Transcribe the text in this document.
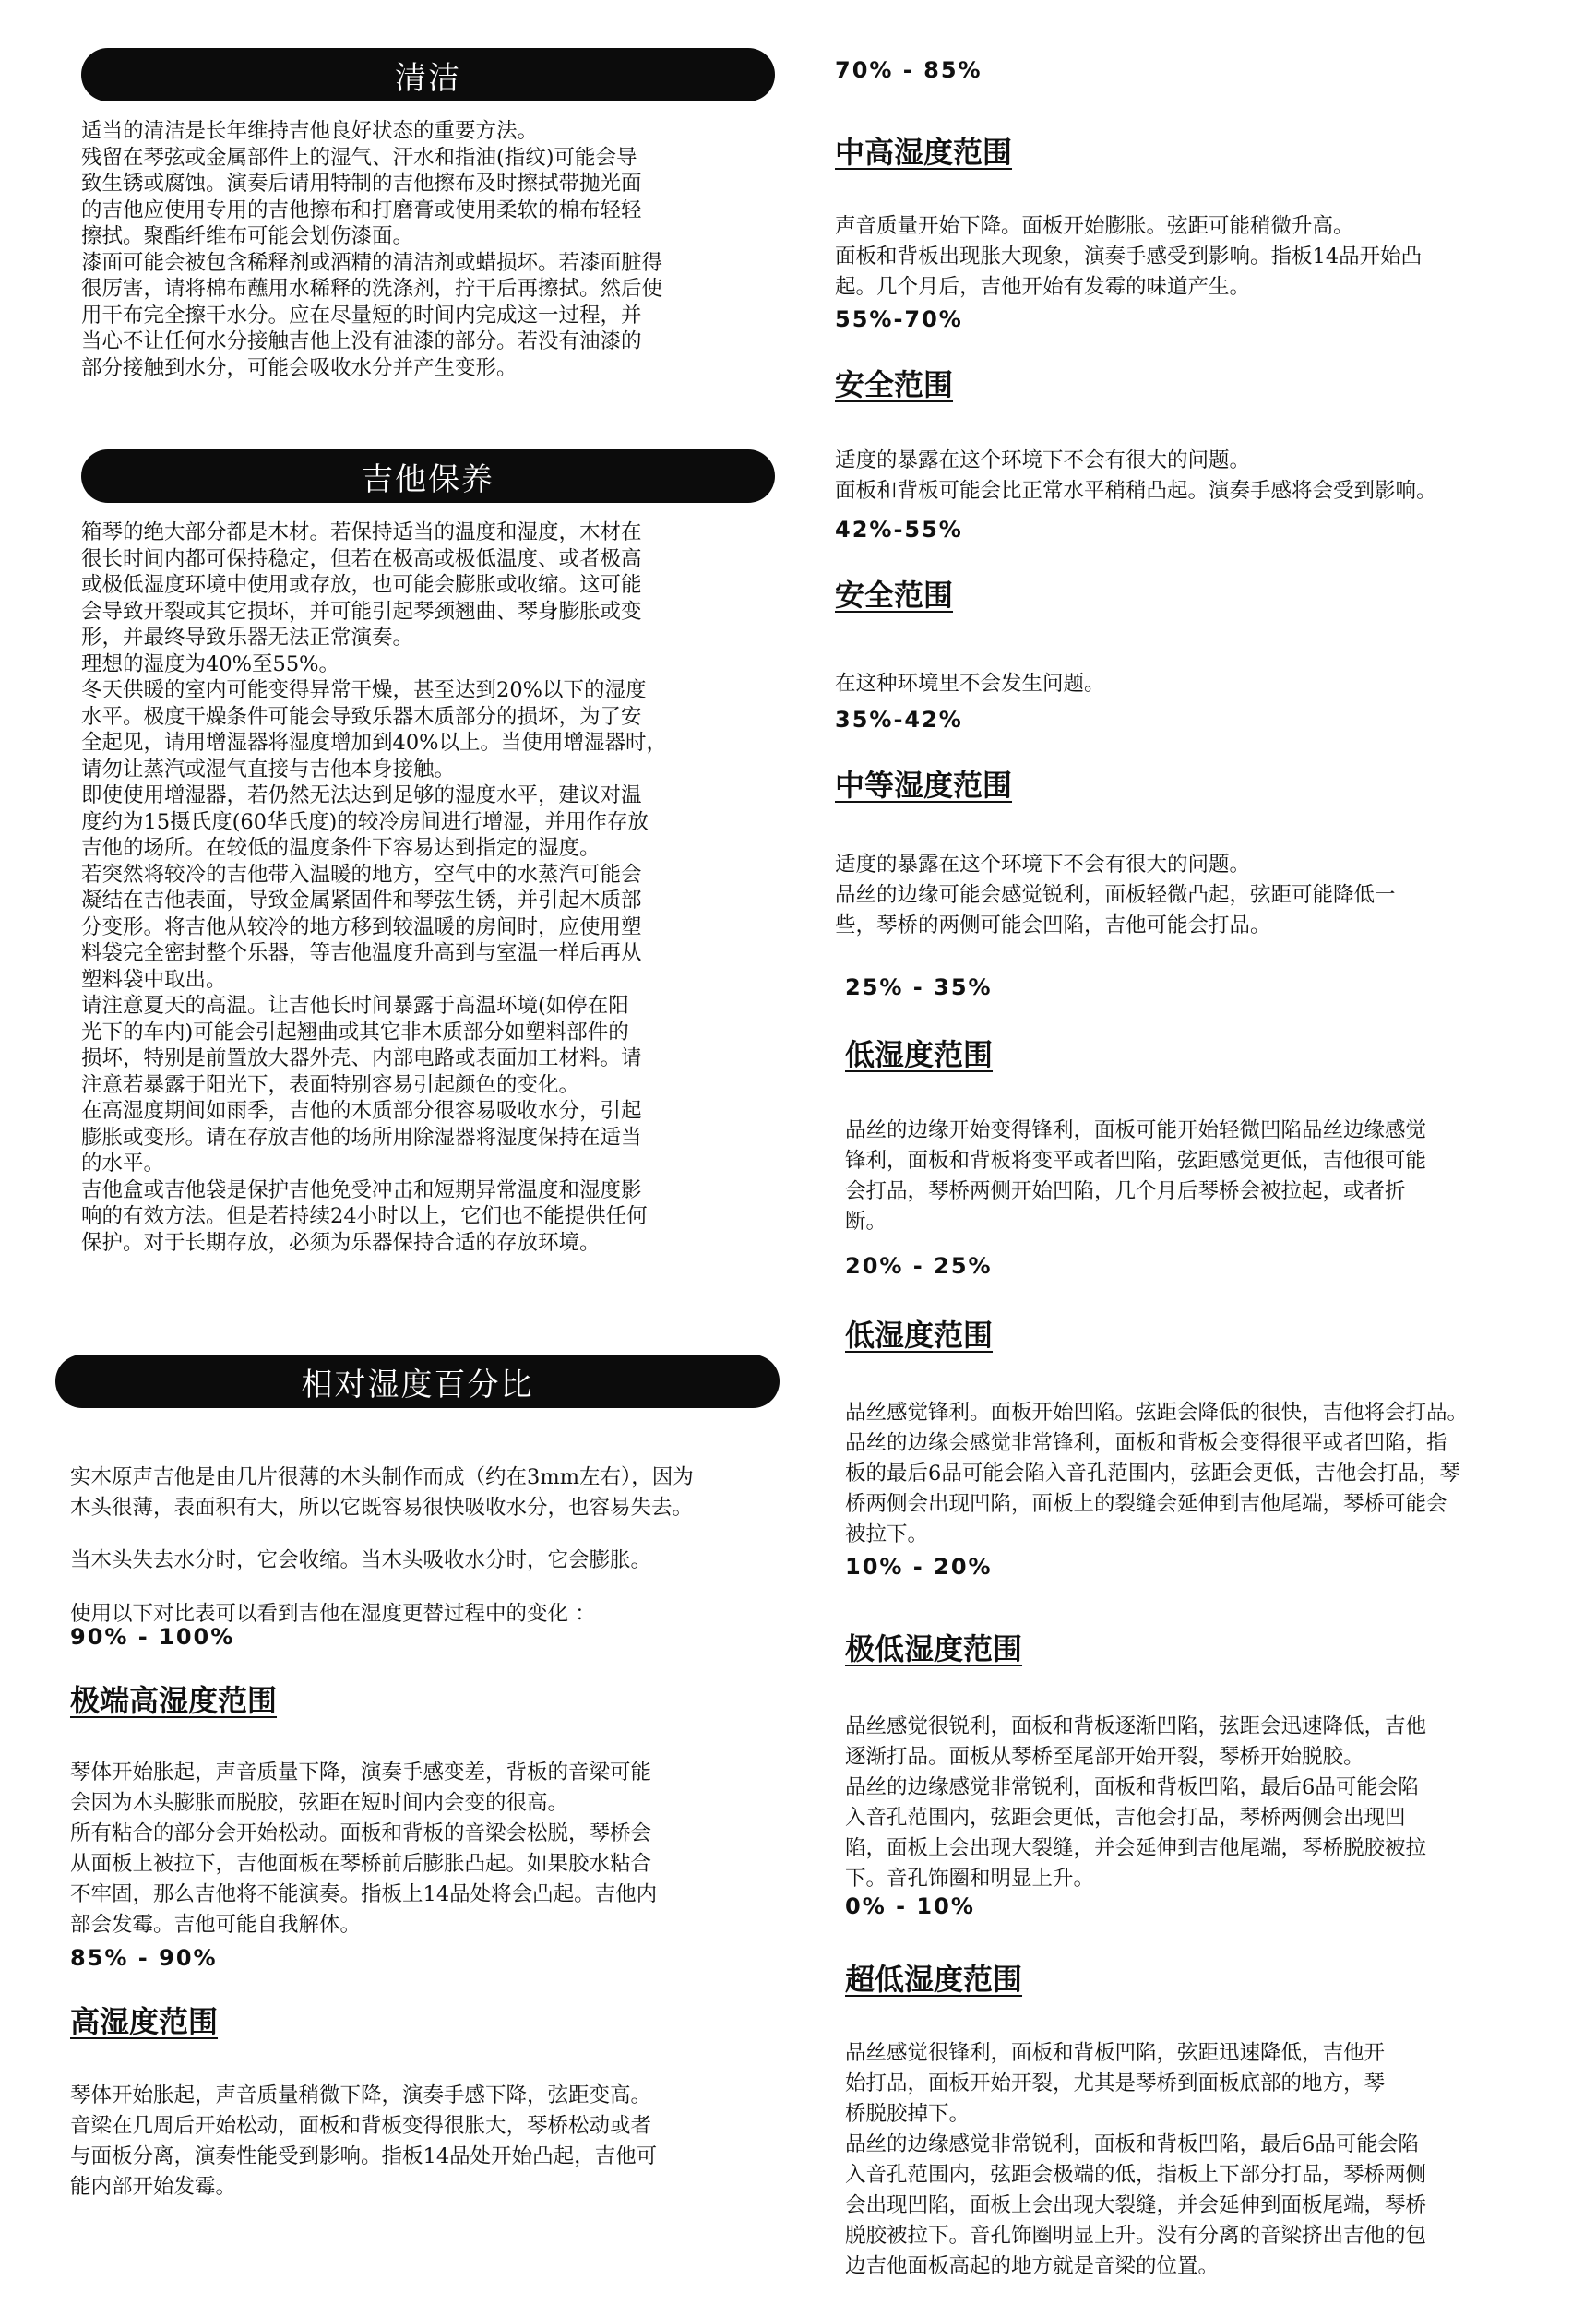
清洁

适当的清洁是长年维持吉他良好状态的重要方法。
残留在琴弦或金属部件上的湿气、汗水和指油(指纹)可能会导
致生锈或腐蚀。演奏后请用特制的吉他擦布及时擦拭带抛光面
的吉他应使用专用的吉他擦布和打磨膏或使用柔软的棉布轻轻
擦拭。聚酯纤维布可能会划伤漆面。
漆面可能会被包含稀释剂或酒精的清洁剂或蜡损坏。若漆面脏得
很厉害，请将棉布蘸用水稀释的洗涤剂，拧干后再擦拭。然后使
用干布完全擦干水分。应在尽量短的时间内完成这一过程，并
当心不让任何水分接触吉他上没有油漆的部分。若没有油漆的
部分接触到水分，可能会吸收水分并产生变形。

吉他保养

箱琴的绝大部分都是木材。若保持适当的温度和湿度，木材在
很长时间内都可保持稳定，但若在极高或极低温度、或者极高
或极低湿度环境中使用或存放，也可能会膨胀或收缩。这可能
会导致开裂或其它损坏，并可能引起琴颈翘曲、琴身膨胀或变
形，并最终导致乐器无法正常演奏。
理想的湿度为40%至55%。
冬天供暖的室内可能变得异常干燥，甚至达到20%以下的湿度
水平。极度干燥条件可能会导致乐器木质部分的损坏，为了安
全起见，请用增湿器将湿度增加到40%以上。当使用增湿器时，
请勿让蒸汽或湿气直接与吉他本身接触。
即使使用增湿器，若仍然无法达到足够的湿度水平，建议对温
度约为15摄氏度(60华氏度)的较冷房间进行增湿，并用作存放
吉他的场所。在较低的温度条件下容易达到指定的湿度。
若突然将较冷的吉他带入温暖的地方，空气中的水蒸汽可能会
凝结在吉他表面，导致金属紧固件和琴弦生锈，并引起木质部
分变形。将吉他从较冷的地方移到较温暖的房间时，应使用塑
料袋完全密封整个乐器，等吉他温度升高到与室温一样后再从
塑料袋中取出。
请注意夏天的高温。让吉他长时间暴露于高温环境(如停在阳
光下的车内)可能会引起翘曲或其它非木质部分如塑料部件的
损坏，特别是前置放大器外壳、内部电路或表面加工材料。请
注意若暴露于阳光下，表面特别容易引起颜色的变化。
在高湿度期间如雨季，吉他的木质部分很容易吸收水分，引起
膨胀或变形。请在存放吉他的场所用除湿器将湿度保持在适当
的水平。
吉他盒或吉他袋是保护吉他免受冲击和短期异常温度和湿度影
响的有效方法。但是若持续24小时以上，它们也不能提供任何
保护。对于长期存放，必须为乐器保持合适的存放环境。

相对湿度百分比

实木原声吉他是由几片很薄的木头制作而成（约在3mm左右），因为
木头很薄，表面积有大，所以它既容易很快吸收水分，也容易失去。

当木头失去水分时，它会收缩。当木头吸收水分时，它会膨胀。

使用以下对比表可以看到吉他在湿度更替过程中的变化 ：

90% - 100%
极端高湿度范围

琴体开始胀起，声音质量下降，演奏手感变差，背板的音梁可能
会因为木头膨胀而脱胶，弦距在短时间内会变的很高。
所有粘合的部分会开始松动。面板和背板的音梁会松脱，琴桥会
从面板上被拉下，吉他面板在琴桥前后膨胀凸起。如果胶水粘合
不牢固，那么吉他将不能演奏。指板上14品处将会凸起。吉他内
部会发霉。吉他可能自我解体。

85% - 90%
高湿度范围

琴体开始胀起，声音质量稍微下降，演奏手感下降，弦距变高。
音梁在几周后开始松动，面板和背板变得很胀大，琴桥松动或者
与面板分离，演奏性能受到影响。指板14品处开始凸起，吉他可
能内部开始发霉。

70% - 85%
中高湿度范围

声音质量开始下降。面板开始膨胀。弦距可能稍微升高。
面板和背板出现胀大现象，演奏手感受到影响。指板14品开始凸
起。几个月后，吉他开始有发霉的味道产生。

55%-70%
安全范围

适度的暴露在这个环境下不会有很大的问题。
面板和背板可能会比正常水平稍稍凸起。演奏手感将会受到影响。

42%-55%
安全范围

在这种环境里不会发生问题。

35%-42%
中等湿度范围

适度的暴露在这个环境下不会有很大的问题。
品丝的边缘可能会感觉锐利，面板轻微凸起，弦距可能降低一
些，琴桥的两侧可能会凹陷，吉他可能会打品。

25% - 35%
低湿度范围

品丝的边缘开始变得锋利，面板可能开始轻微凹陷品丝边缘感觉
锋利，面板和背板将变平或者凹陷，弦距感觉更低，吉他很可能
会打品，琴桥两侧开始凹陷，几个月后琴桥会被拉起，或者折
断。

20% - 25%
低湿度范围

品丝感觉锋利。面板开始凹陷。弦距会降低的很快，吉他将会打品。
品丝的边缘会感觉非常锋利，面板和背板会变得很平或者凹陷，指
板的最后6品可能会陷入音孔范围内，弦距会更低，吉他会打品，琴
桥两侧会出现凹陷，面板上的裂缝会延伸到吉他尾端，琴桥可能会
被拉下。

10% - 20%
极低湿度范围

品丝感觉很锐利，面板和背板逐渐凹陷，弦距会迅速降低，吉他
逐渐打品。面板从琴桥至尾部开始开裂，琴桥开始脱胶。
品丝的边缘感觉非常锐利，面板和背板凹陷，最后6品可能会陷
入音孔范围内，弦距会更低，吉他会打品，琴桥两侧会出现凹
陷，面板上会出现大裂缝，并会延伸到吉他尾端，琴桥脱胶被拉
下。音孔饰圈和明显上升。

0% - 10%
超低湿度范围

品丝感觉很锋利，面板和背板凹陷，弦距迅速降低，吉他开
始打品，面板开始开裂，尤其是琴桥到面板底部的地方，琴
桥脱胶掉下。
品丝的边缘感觉非常锐利，面板和背板凹陷，最后6品可能会陷
入音孔范围内，弦距会极端的低，指板上下部分打品，琴桥两侧
会出现凹陷，面板上会出现大裂缝，并会延伸到面板尾端，琴桥
脱胶被拉下。音孔饰圈明显上升。没有分离的音梁挤出吉他的包
边吉他面板高起的地方就是音梁的位置。
